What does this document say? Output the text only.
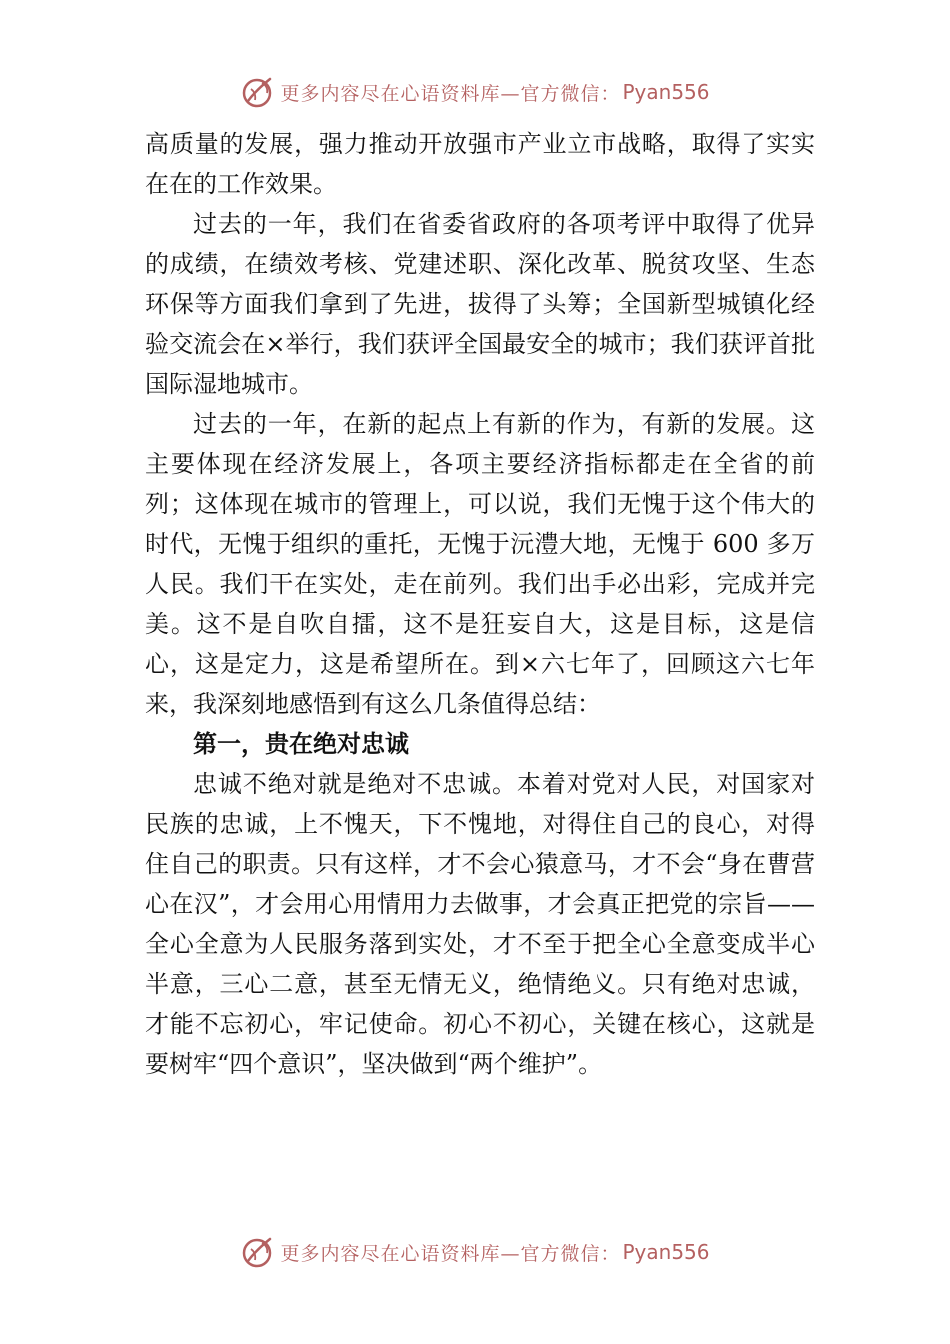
更多内容尽在心语资料库—官方微信： Pyan556

高质量的发展，强力推动开放强市产业立市战略，取得了实实在在的工作效果。

过去的一年，我们在省委省政府的各项考评中取得了优异的成绩，在绩效考核、党建述职、深化改革、脱贫攻坚、生态环保等方面我们拿到了先进，拔得了头筹；全国新型城镇化经验交流会在×举行，我们获评全国最安全的城市；我们获评首批国际湿地城市。

过去的一年，在新的起点上有新的作为，有新的发展。这主要体现在经济发展上，各项主要经济指标都走在全省的前列；这体现在城市的管理上，可以说，我们无愧于这个伟大的时代，无愧于组织的重托，无愧于沅澧大地，无愧于 600 多万人民。我们干在实处，走在前列。我们出手必出彩，完成并完美。这不是自吹自擂，这不是狂妄自大，这是目标，这是信心，这是定力，这是希望所在。到×六七年了，回顾这六七年来，我深刻地感悟到有这么几条值得总结：

第一，贵在绝对忠诚

忠诚不绝对就是绝对不忠诚。本着对党对人民，对国家对民族的忠诚，上不愧天，下不愧地，对得住自己的良心，对得住自己的职责。只有这样，才不会心猿意马，才不会“身在曹营心在汉”，才会用心用情用力去做事，才会真正把党的宗旨——全心全意为人民服务落到实处，才不至于把全心全意变成半心半意，三心二意，甚至无情无义，绝情绝义。只有绝对忠诚，才能不忘初心，牢记使命。初心不初心，关键在核心，这就是要树牢“四个意识”，坚决做到“两个维护”。

更多内容尽在心语资料库—官方微信： Pyan556
